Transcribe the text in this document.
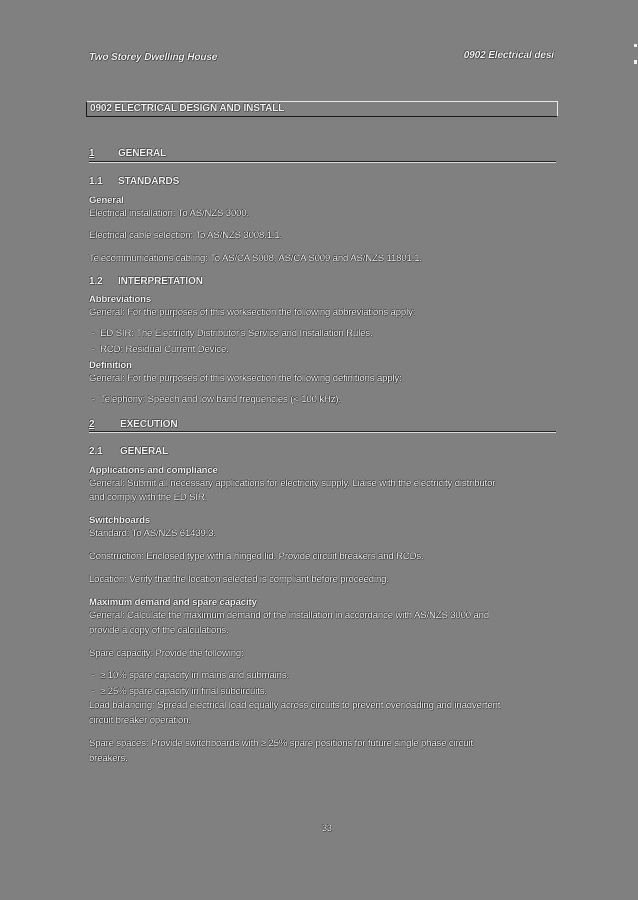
Two Storey Dwelling House	0902 Electrical desi
0902 ELECTRICAL DESIGN AND INSTALL
1 GENERAL
1.1 STANDARDS
General
Electrical installation: To AS/NZS 3000.
Electrical cable selection: To AS/NZS 3008.1.1.
Telecommunications cabling: To AS/CA S008, AS/CA S009 and AS/NZS 11801.1.
1.2 INTERPRETATION
Abbreviations
General: For the purposes of this worksection the following abbreviations apply:
-  ED SIR: The Electricity Distributor's Service and Installation Rules.
-  RCD: Residual Current Device.
Definition
General: For the purposes of this worksection the following definitions apply:
-  Telephony: Speech and low band frequencies (< 100 kHz).
2	EXECUTION
2.1 GENERAL
Applications and compliance
General: Submit all necessary applications for electricity supply. Liaise with the electricity distributor
and comply with the ED SIR.
Switchboards
Standard: To AS/NZS 61439.3.
Construction: Enclosed type with a hinged lid. Provide circuit breakers and RCDs.
Location: Verify that the location selected is compliant before proceeding.
Maximum demand and spare capacity
General: Calculate the maximum demand of the installation in accordance with AS/NZS 3000 and
provide a copy of the calculations.
Spare capacity: Provide the following:
-  ≥ 10% spare capacity in mains and submains.
-  ≥ 25% spare capacity in final subcircuits.
Load balancing: Spread electrical load equally across circuits to prevent overloading and inadvertent
circuit breaker operation.
Spare spaces: Provide switchboards with ≥ 25% spare positions for future single phase circuit
breakers.
33
